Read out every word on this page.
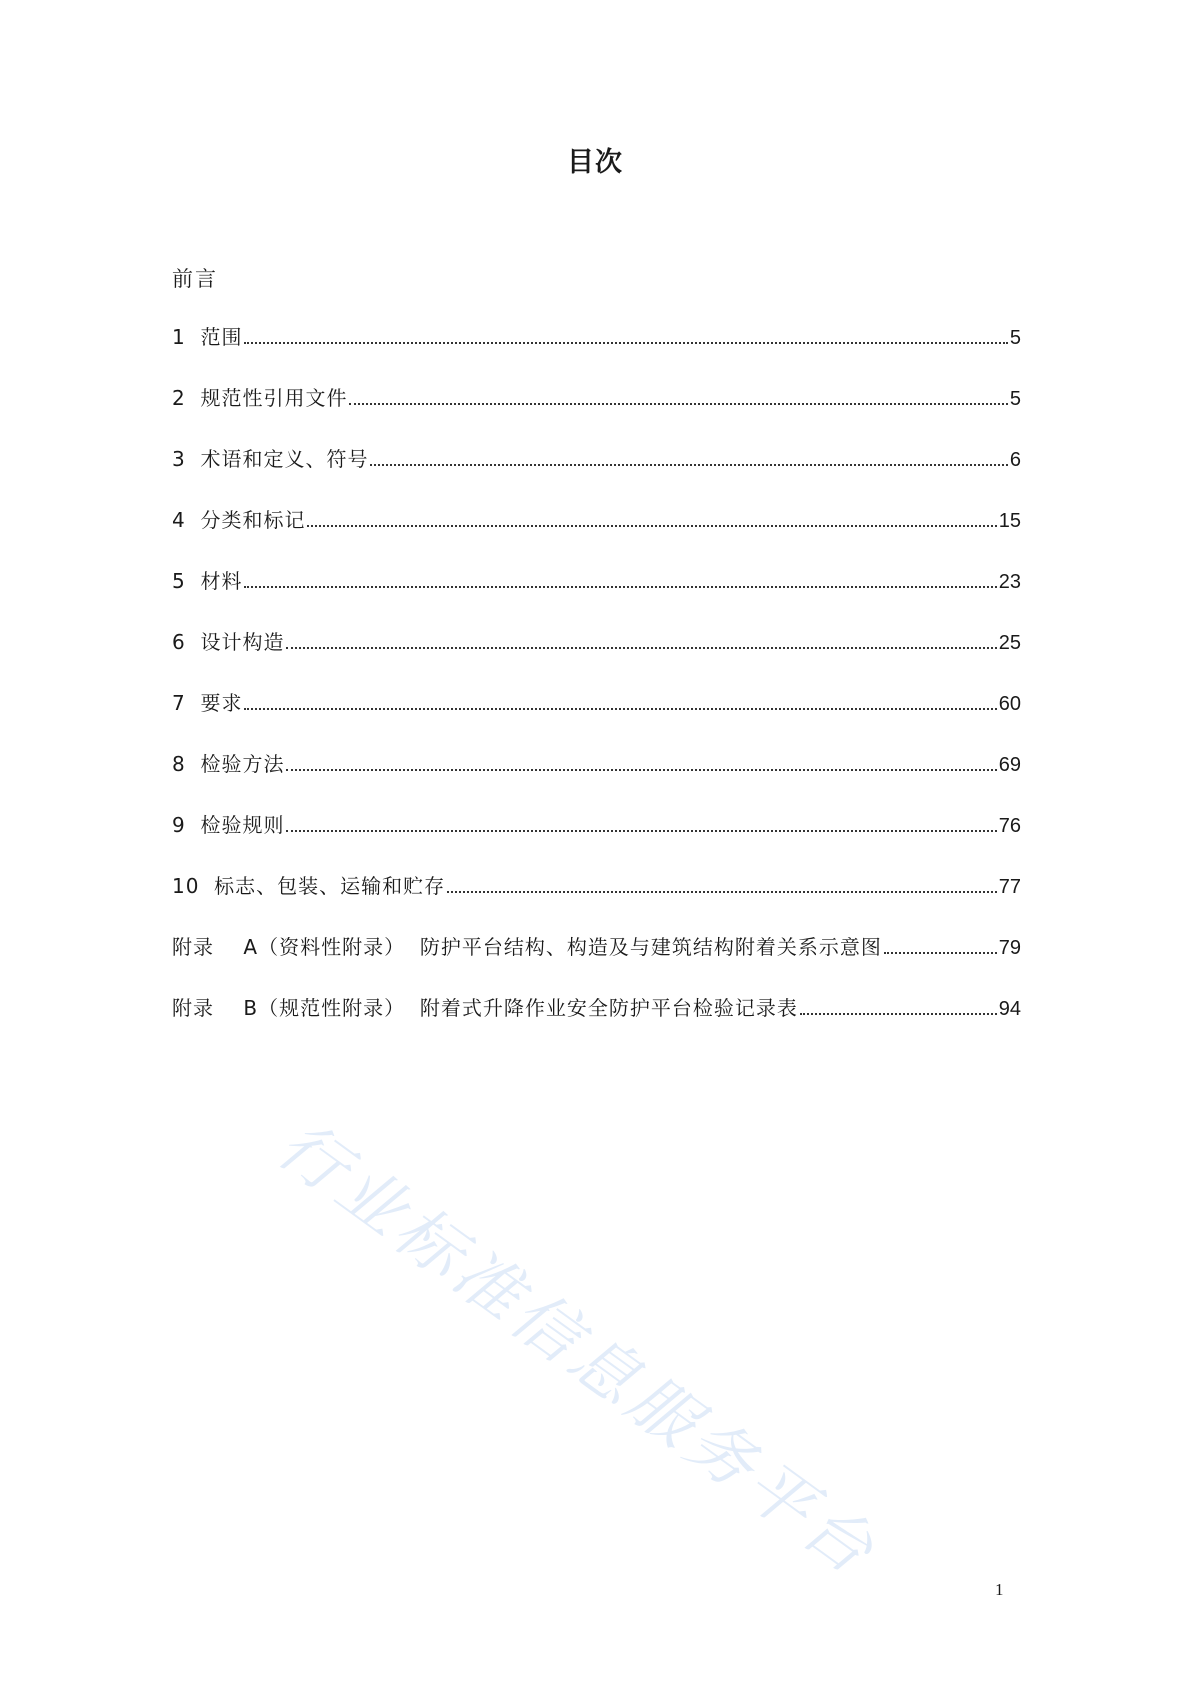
目次
前言
1  范围	5
2  规范性引用文件	5
3  术语和定义、符号	6
4  分类和标记	15
5  材料	23
6  设计构造	25
7  要求	60
8  检验方法	69
9  检验规则	76
10  标志、包装、运输和贮存	77
附录    A（资料性附录）  防护平台结构、构造及与建筑结构附着关系示意图	79
附录    B（规范性附录）  附着式升降作业安全防护平台检验记录表	94
行业标准信息服务平台	1
